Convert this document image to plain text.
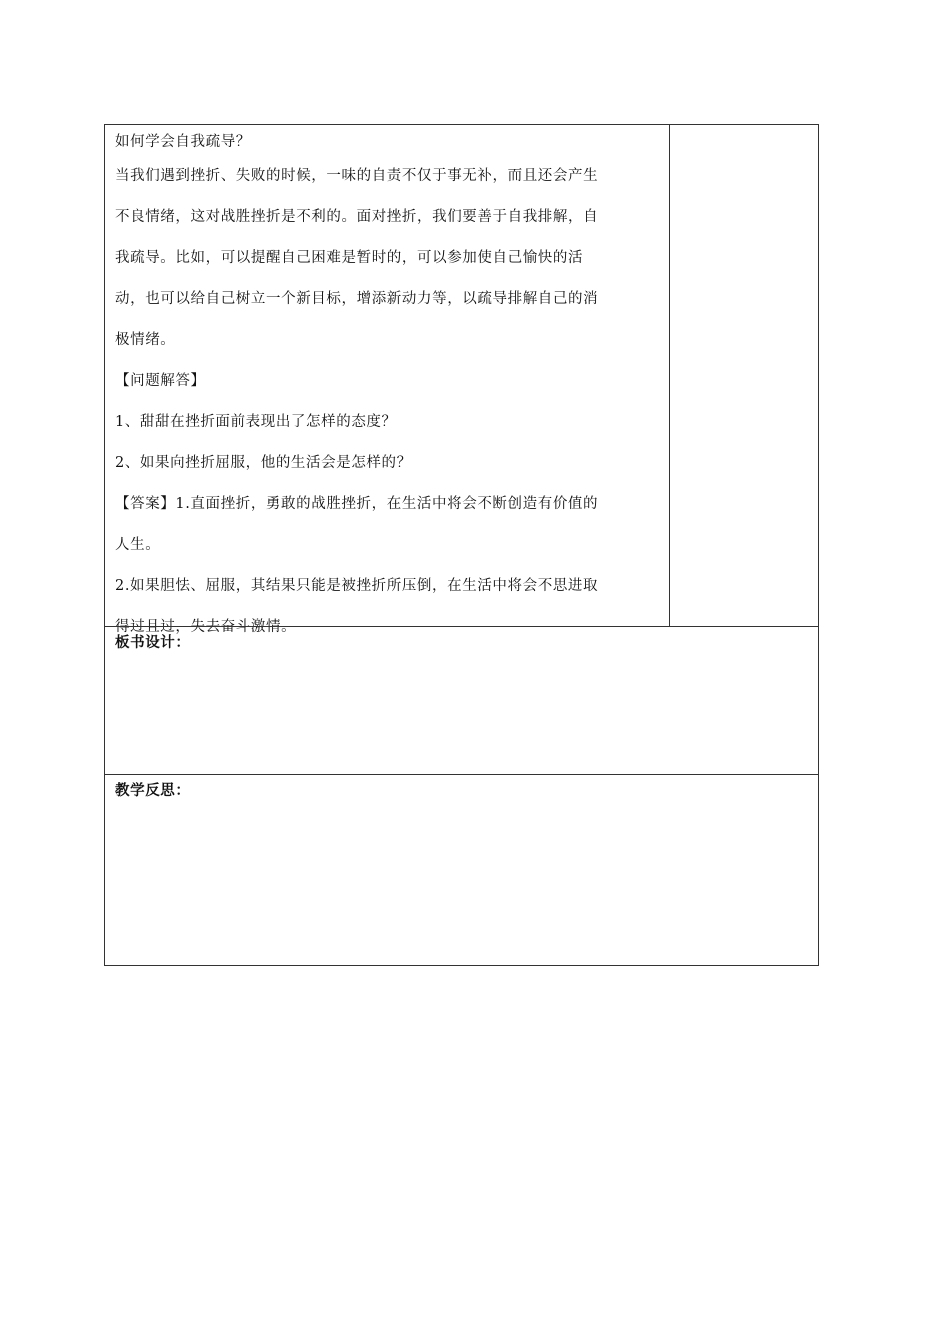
如何学会自我疏导？

当我们遇到挫折、失败的时候，一味的自责不仅于事无补，而且还会产生

不良情绪，这对战胜挫折是不利的。面对挫折，我们要善于自我排解，自

我疏导。比如，可以提醒自己困难是暂时的，可以参加使自己愉快的活

动，也可以给自己树立一个新目标，增添新动力等，以疏导排解自己的消

极情绪。

【问题解答】

1、甜甜在挫折面前表现出了怎样的态度？

2、如果向挫折屈服，他的生活会是怎样的？

【答案】1.直面挫折，勇敢的战胜挫折，在生活中将会不断创造有价值的

人生。

2.如果胆怯、屈服，其结果只能是被挫折所压倒，在生活中将会不思进取

得过且过，失去奋斗激情。

板书设计：
教学反思：
